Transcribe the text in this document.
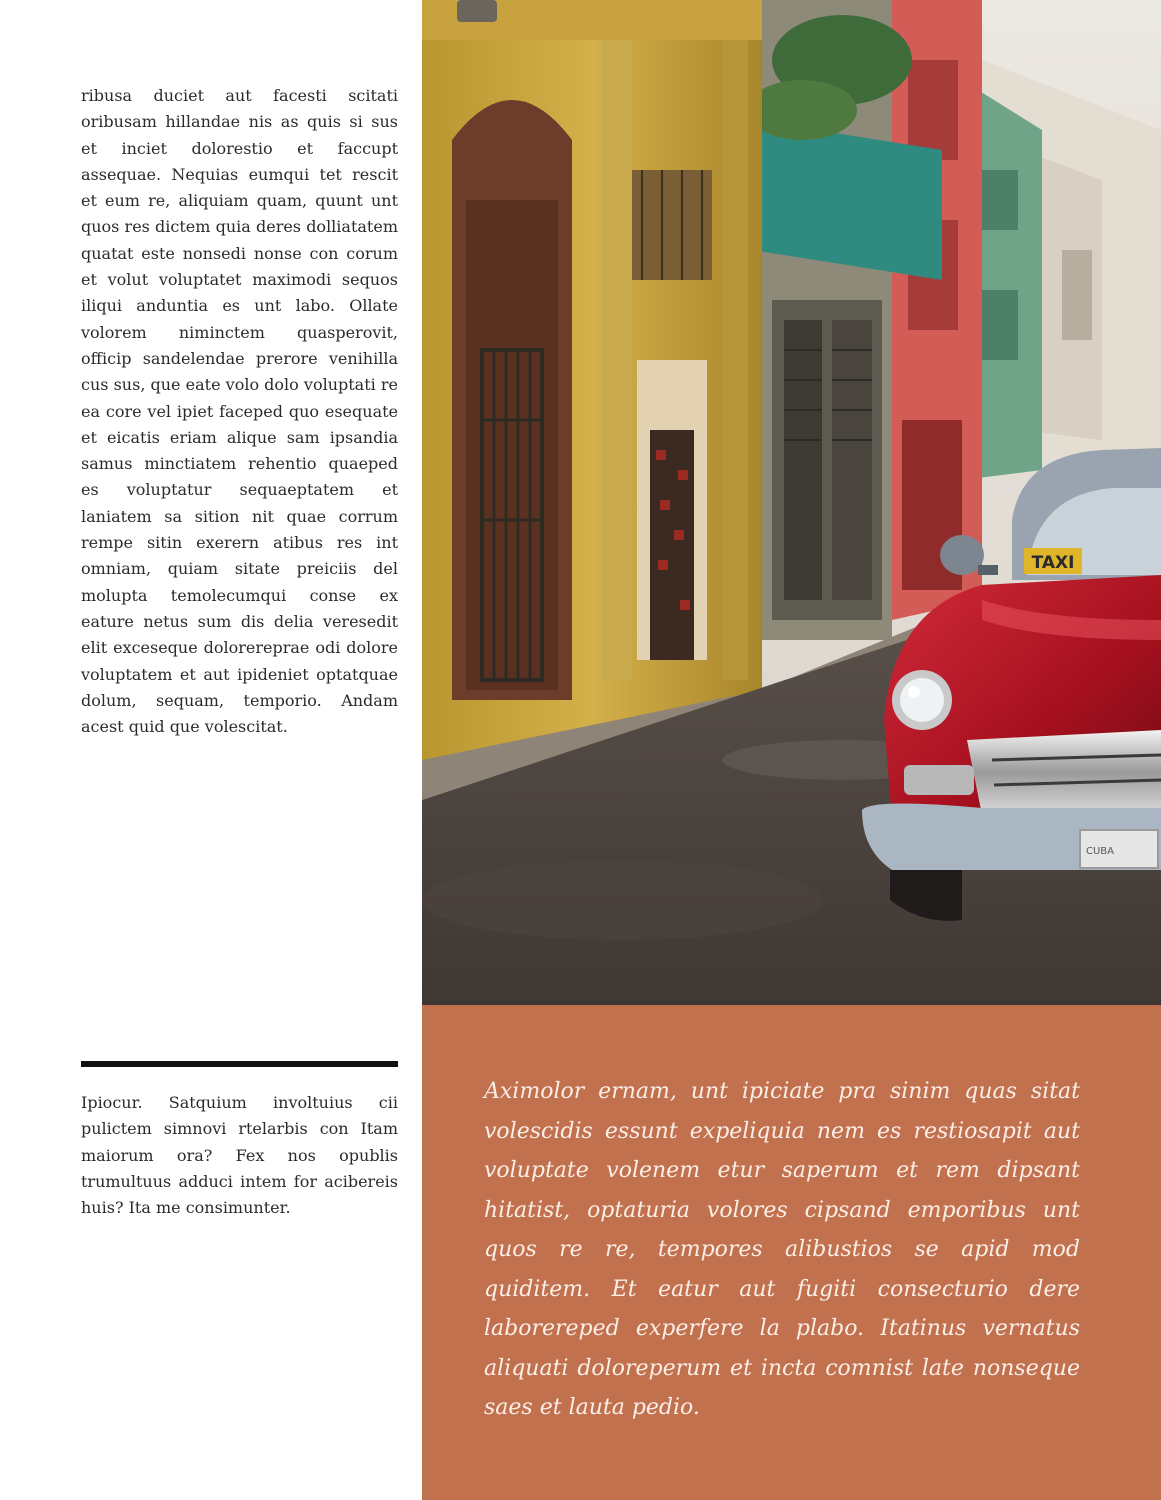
ribusa duciet aut facesti scitati oribusam hillandae nis as quis si sus et inciet dolorestio et faccupt assequae. Nequias eumqui tet rescit et eum re, aliquiam quam, quunt unt quos res dictem quia deres dolliatatem quatat este nonsedi nonse con corum et volut voluptatet maximodi sequos iliqui anduntia es unt labo. Ollate volorem niminctem quasperovit, officip sandelendae prerore venihilla cus sus, que eate volo dolo voluptati re ea core vel ipiet faceped quo esequate et eicatis eriam alique sam ipsandia samus minctiatem rehentio quaeped es voluptatur sequaeptatem et laniatem sa sition nit quae corrum rempe sitin exerern atibus res int omniam, quiam sitate preiciis del molupta temolecumqui conse ex eature netus sum dis delia veresedit elit exceseque dolorereprae odi dolore voluptatem et aut ipideniet optatquae dolum, sequam, temporio. Andam acest quid que volescitat.

Ipiocur. Satquium involtuius cii pulictem simnovi rtelarbis con Itam maiorum ora? Fex nos opublis trumultuus adduci intem for acibereis huis? Ita me consimunter.

TAXI
CUBA

Aximolor ernam, unt ipiciate pra sinim quas sitat volescidis essunt expeliquia nem es restiosapit aut voluptate volenem etur saperum et rem dipsant hitatist, optaturia volores cipsand emporibus unt quos re re, tempores alibustios se apid mod quiditem. Et eatur aut fugiti consecturio dere laborereped experfere la plabo. Itatinus vernatus aliquati doloreperum et incta comnist late nonseque saes et lauta pedio.
